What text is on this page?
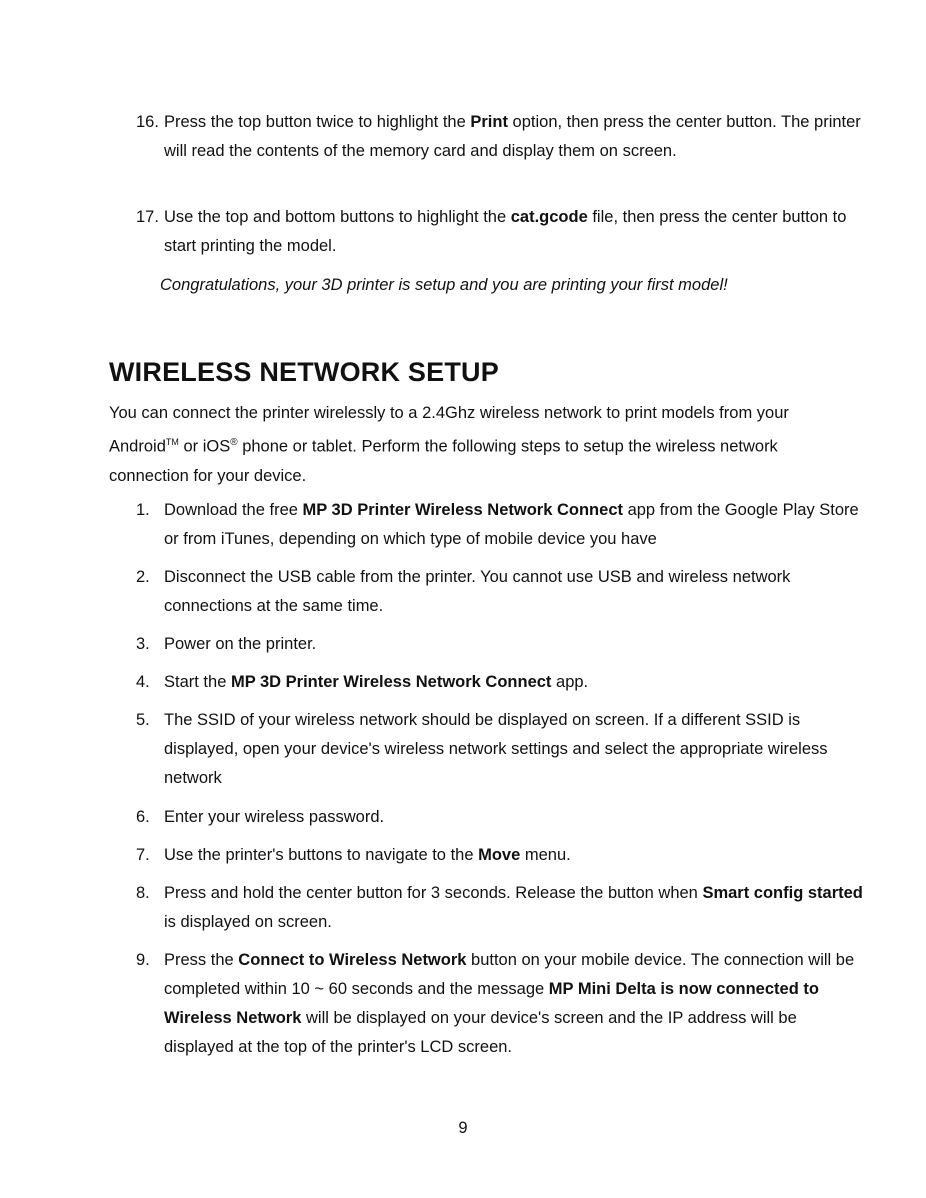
16. Press the top button twice to highlight the Print option, then press the center button. The printer will read the contents of the memory card and display them on screen.
17. Use the top and bottom buttons to highlight the cat.gcode file, then press the center button to start printing the model.
Congratulations, your 3D printer is setup and you are printing your first model!
WIRELESS NETWORK SETUP
You can connect the printer wirelessly to a 2.4Ghz wireless network to print models from your Android™ or iOS® phone or tablet. Perform the following steps to setup the wireless network connection for your device.
1. Download the free MP 3D Printer Wireless Network Connect app from the Google Play Store or from iTunes, depending on which type of mobile device you have
2. Disconnect the USB cable from the printer. You cannot use USB and wireless network connections at the same time.
3. Power on the printer.
4. Start the MP 3D Printer Wireless Network Connect app.
5. The SSID of your wireless network should be displayed on screen. If a different SSID is displayed, open your device's wireless network settings and select the appropriate wireless network
6. Enter your wireless password.
7. Use the printer's buttons to navigate to the Move menu.
8. Press and hold the center button for 3 seconds. Release the button when Smart config started is displayed on screen.
9. Press the Connect to Wireless Network button on your mobile device. The connection will be completed within 10 ~ 60 seconds and the message MP Mini Delta is now connected to Wireless Network will be displayed on your device's screen and the IP address will be displayed at the top of the printer's LCD screen.
9
